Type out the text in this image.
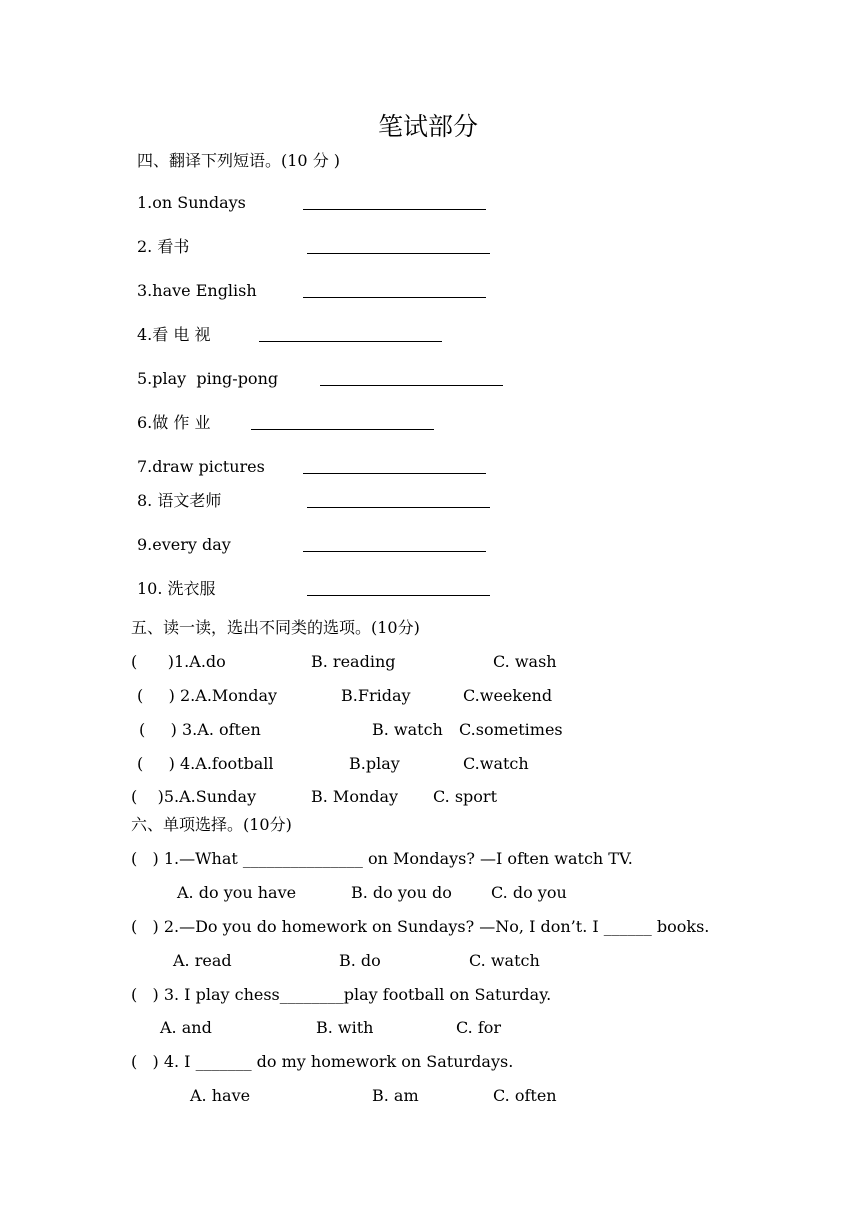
笔试部分
四、翻译下列短语。(10 分 )
1.on Sundays
2. 看书
3.have English
4.看 电 视
5.play  ping-pong
6.做 作 业
7.draw pictures
8. 语文老师
9.every day
10. 洗衣服
五、读一读，选出不同类的选项。(10分)
(      )1.A.do	B. reading	C. wash
(     ) 2.A.Monday	B.Friday	C.weekend
(     ) 3.A. often	B. watch C.sometimes
(     ) 4.A.football	B.play	C.watch
(    )5.A.Sunday	B. Monday C. sport
六、单项选择。(10分)
(   ) 1.—What _______________ on Mondays? —I often watch TV.
A. do you have	B. do you do C. do you
(   ) 2.—Do you do homework on Sundays? —No, I don’t. I ______ books.
A. read	B. do	C. watch
(   ) 3. I play chess________play football on Saturday.
A. and	B. with	C. for
(   ) 4. I _______ do my homework on Saturdays.
A. have	B. am	C. often
